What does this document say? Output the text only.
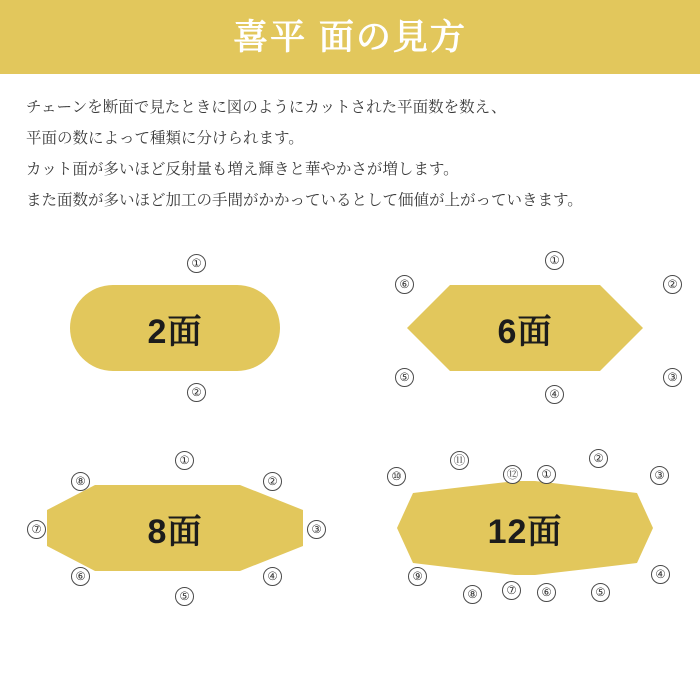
喜平 面の見方
チェーンを断面で見たときに図のようにカットされた平面数を数え、
平面の数によって種類に分けられます。
カット面が多いほど反射量も増え輝きと華やかさが増します。
また面数が多いほど加工の手間がかかっているとして価値が上がっていきます。
2面
①
②
6面
①
②
③
④
⑤
⑥
8面
①
②
③
④
⑤
⑥
⑦
⑧
12面
①
②
③
④
⑤
⑥
⑦
⑧
⑨
⑩
⑪
⑫
